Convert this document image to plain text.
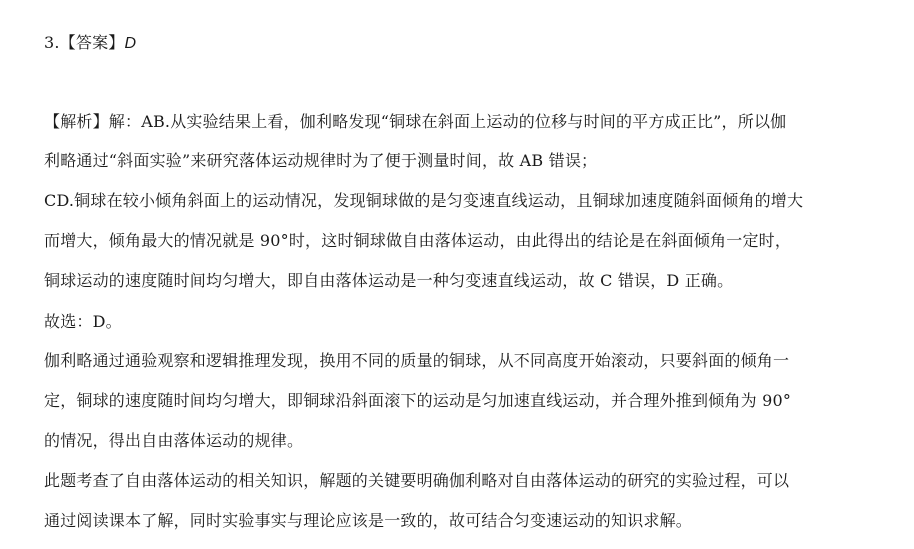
3.【答案】D
【解析】解：AB.从实验结果上看，伽利略发现“铜球在斜面上运动的位移与时间的平方成正比”，所以伽
利略通过“斜面实验”来研究落体运动规律时为了便于测量时间，故 AB 错误；
CD.铜球在较小倾角斜面上的运动情况，发现铜球做的是匀变速直线运动，且铜球加速度随斜面倾角的增大
而增大，倾角最大的情况就是 90°时，这时铜球做自由落体运动，由此得出的结论是在斜面倾角一定时，
铜球运动的速度随时间均匀增大，即自由落体运动是一种匀变速直线运动，故 C 错误，D 正确。
故选：D。
伽利略通过通验观察和逻辑推理发现，换用不同的质量的铜球，从不同高度开始滚动，只要斜面的倾角一
定，铜球的速度随时间均匀增大，即铜球沿斜面滚下的运动是匀加速直线运动，并合理外推到倾角为 90°
的情况，得出自由落体运动的规律。
此题考查了自由落体运动的相关知识，解题的关键要明确伽利略对自由落体运动的研究的实验过程，可以
通过阅读课本了解，同时实验事实与理论应该是一致的，故可结合匀变速运动的知识求解。
